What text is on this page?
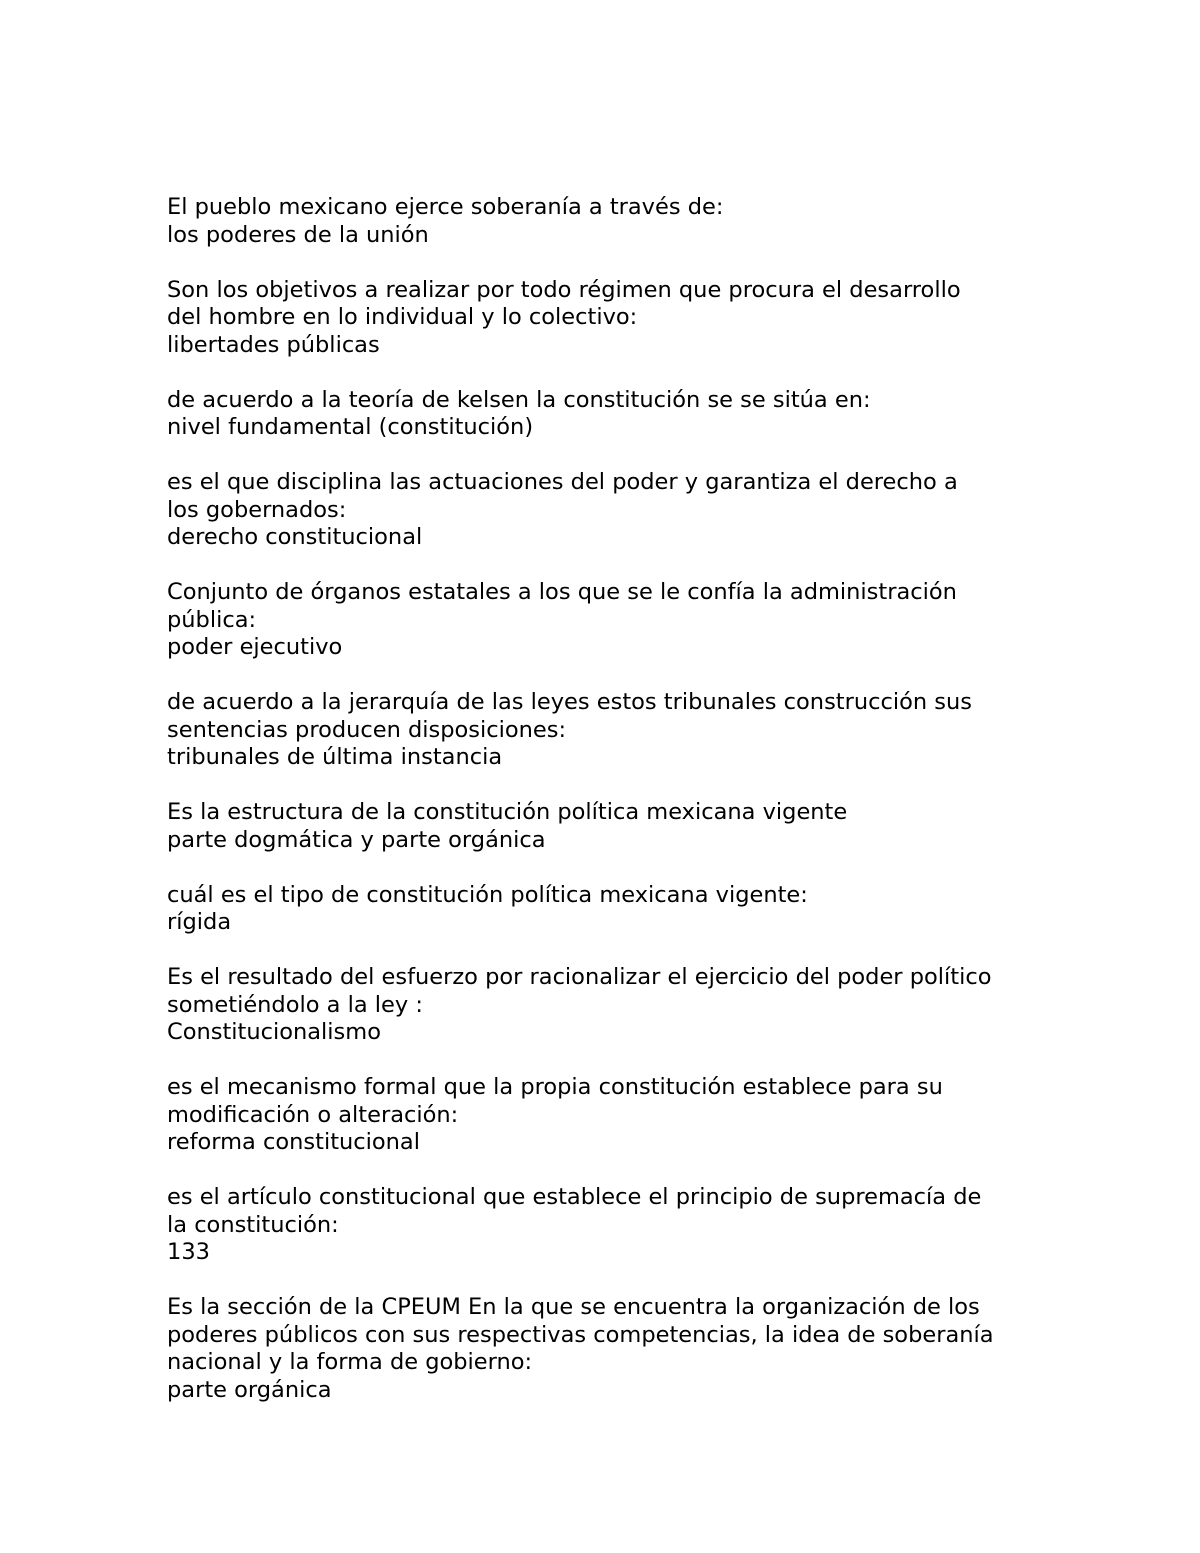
El pueblo mexicano ejerce soberanía a través de:
los poderes de la unión
Son los objetivos a realizar por todo régimen que procura el desarrollo
del hombre en lo individual y lo colectivo:
libertades públicas
de acuerdo a la teoría de kelsen la constitución se se sitúa en:
nivel fundamental (constitución)
es el que disciplina las actuaciones del poder y garantiza el derecho a
los gobernados:
derecho constitucional
Conjunto de órganos estatales a los que se le confía la administración
pública:
poder ejecutivo
de acuerdo a la jerarquía de las leyes estos tribunales construcción sus
sentencias producen disposiciones:
tribunales de última instancia
Es la estructura de la constitución política mexicana vigente
parte dogmática y parte orgánica
cuál es el tipo de constitución política mexicana vigente:
rígida
Es el resultado del esfuerzo por racionalizar el ejercicio del poder político
sometiéndolo a la ley :
Constitucionalismo
es el mecanismo formal que la propia constitución establece para su
modificación o alteración:
reforma constitucional
es el artículo constitucional que establece el principio de supremacía de
la constitución:
133
Es la sección de la CPEUM En la que se encuentra la organización de los
poderes públicos con sus respectivas competencias, la idea de soberanía
nacional y la forma de gobierno:
parte orgánica
